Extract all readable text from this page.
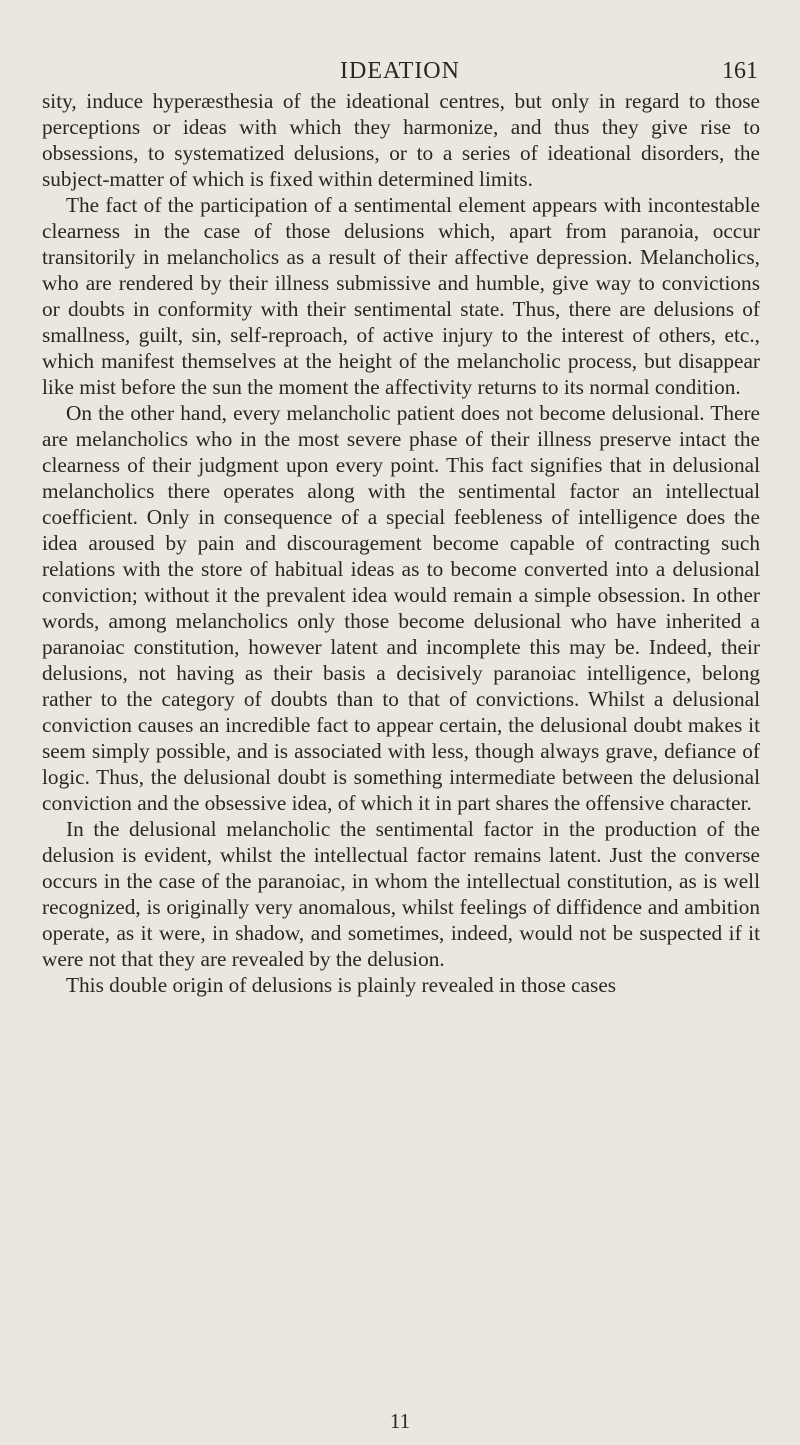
IDEATION	161

sity, induce hyperæsthesia of the ideational centres, but only in regard to those perceptions or ideas with which they harmonize, and thus they give rise to obsessions, to systematized delusions, or to a series of ideational disorders, the subject-matter of which is fixed within determined limits.

The fact of the participation of a sentimental element appears with incontestable clearness in the case of those delusions which, apart from paranoia, occur transitorily in melancholics as a result of their affective depression. Melancholics, who are rendered by their illness submissive and humble, give way to convictions or doubts in conformity with their sentimental state. Thus, there are delusions of smallness, guilt, sin, self-reproach, of active injury to the interest of others, etc., which manifest themselves at the height of the melancholic process, but disappear like mist before the sun the moment the affectivity returns to its normal condition.

On the other hand, every melancholic patient does not become delusional. There are melancholics who in the most severe phase of their illness preserve intact the clearness of their judgment upon every point. This fact signifies that in delusional melancholics there operates along with the sentimental factor an intellectual coefficient. Only in consequence of a special feebleness of intelligence does the idea aroused by pain and discouragement become capable of contracting such relations with the store of habitual ideas as to become converted into a delusional conviction; without it the prevalent idea would remain a simple obsession. In other words, among melancholics only those become delusional who have inherited a paranoiac constitution, however latent and incomplete this may be. Indeed, their delusions, not having as their basis a decisively paranoiac intelligence, belong rather to the category of doubts than to that of convictions. Whilst a delusional conviction causes an incredible fact to appear certain, the delusional doubt makes it seem simply possible, and is associated with less, though always grave, defiance of logic. Thus, the delusional doubt is something intermediate between the delusional conviction and the obsessive idea, of which it in part shares the offensive character.

In the delusional melancholic the sentimental factor in the production of the delusion is evident, whilst the intellectual factor remains latent. Just the converse occurs in the case of the paranoiac, in whom the intellectual constitution, as is well recognized, is originally very anomalous, whilst feelings of diffidence and ambition operate, as it were, in shadow, and sometimes, indeed, would not be suspected if it were not that they are revealed by the delusion.

This double origin of delusions is plainly revealed in those cases

11
